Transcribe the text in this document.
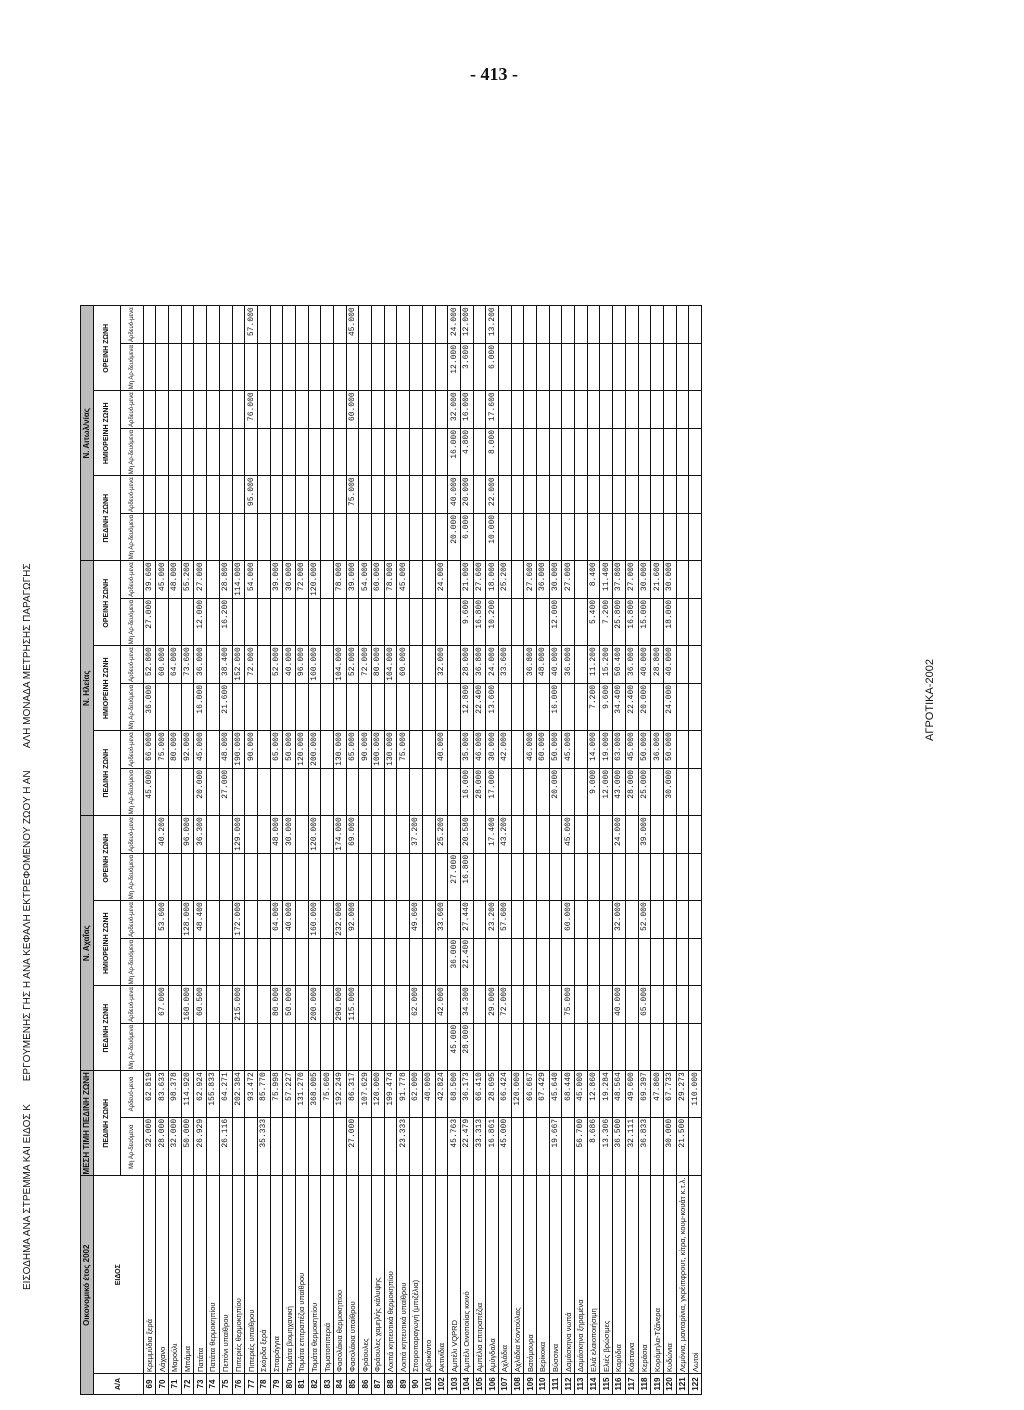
- 413 -
ΕΙΣΟΔΗΜΑ ΑΝΑ ΣΤΡΕΜΜΑ ΚΑΙ ΕΙΔΟΣ Κ ΕΡΓΟΥΜΕΝΗΣ ΓΗΣ Η ΑΝΑ ΚΕΦΑΛΗ ΕΚΤΡΕΦΟΜΕΝΟΥ ΖΩΟΥ Η ΑΝ ΑΛΗ ΜΟΝΑΔΑ ΜΕΤΡΗΣΗΣ ΠΑΡΑΓΩΓΗΣ	ΑΓΡΟΤΙΚΑ-2002
Οικονομικό έτος 2002		ΜΕΣΗ ΤΙΜΗ ΠΕΔΙΝΗ ΖΩΝΗ		Ν. Αχαΐας						Ν. Ηλείας						Ν. Αιτωλ/νίας					
Α/Α	ΕΙΔΟΣ	ΠΕΔΙΝΗ ΖΩΝΗ		ΠΕΔΙΝΗ ΖΩΝΗ		ΗΜΙΟΡΕΙΝΗ ΖΩΝΗ		ΟΡΕΙΝΗ ΖΩΝΗ		ΠΕΔΙΝΗ ΖΩΝΗ		ΗΜΙΟΡΕΙΝΗ ΖΩΝΗ		ΟΡΕΙΝΗ ΖΩΝΗ		ΠΕΔΙΝΗ ΖΩΝΗ		ΗΜΙΟΡΕΙΝΗ ΖΩΝΗ		ΟΡΕΙΝΗ ΖΩΝΗ	
		Μη Αρ-δευόμενα	Αρδευό-μενα	Μη Αρ-δευόμενα	Αρδευό-μενα	Μη Αρ-δευόμενα	Αρδευό-μενα	Μη Αρ-δευόμενα	Αρδευό-μενα	Μη Αρ-δευόμενα	Αρδευό-μενα	Μη Αρ-δευόμενα	Αρδευό-μενα	Μη Αρ-δευόμενα	Αρδευό-μενα	Μη Αρ-δευόμενα	Αρδευό-μενα	Μη Αρ-δευόμενα	Αρδευό-μενα	Μη Αρ-δευόμενα	Αρδευό-μενα
69	Κρεμμύδια ξερά	32.000	62.819							45.000	66.000	36.000	52.800	27.000	39.600						
70	Λάχανο	28.000	83.633		67.000		53.600		40.200		75.000		60.000		45.000						
71	Μαρούλι	32.000	98.378								80.000		64.000		48.000						
72	Μπάμια	50.000	114.920		160.000		128.000		96.000		92.000		73.600		55.200						
73	Πατάτα	26.929	62.924		60.500		48.400		36.300	20.000	45.000	16.000	36.000	12.000	27.000						
74	Πατάτα θερμοκηπίου		155.833																		
75	Πεπόνι υπαίθρου	26.116	64.271							27.000	48.000	21.600	38.400	16.200	28.800						
76	Πιπεριές θερμοκηπίου		202.384		215.000		172.000		129.000		190.000		152.000		114.000						
77	Πιπεριές υπαίθρου		93.472								90.000		72.000		54.000		95.000		76.000		57.000
78	Σκόρδα ξερά	35.333	85.770																		
79	Σπαράγγια		75.998		80.000		64.000		48.000		65.000		52.000		39.000						
80	Τομάτα βιομηχανική		57.227		50.000		40.000		30.000		50.000		40.000		30.000						
81	Τομάτα επιτραπέζια υπαίθρου		131.270								120.000		96.000		72.000						
82	Τομάτα θερμοκηπίου		368.005		200.000		160.000		120.000		200.000		160.000		120.000						
83	Τοματοπιπεριά		75.600																		
84	Φασολάκια θερμοκηπίου		192.249		290.000		232.000		174.000		130.000		104.000		78.000						
85	Φασολάκια υπαίθρου	27.000	86.317		115.000		92.000		69.000		65.000		52.000		39.000		75.000		60.000		45.000
86	Φράουλες		107.629								90.000		72.000		54.000						
87	Φράουλες χαμηλής κάλυψης		120.000								100.000		80.000		60.000						
88	Λοιπά κηπευτικά θερμοκηπίου		199.474								130.000		104.000		78.000						
89	Λοιπά κηπευτικά υπαίθρου	23.333	91.778								75.000		60.000		45.000						
90	Σπορoπαραγωγή (μπιζέλια)		62.000		62.000		49.600		37.200												
101	Αβοκάντο		40.000																		
102	Ακτινίδια		42.824		42.000		33.600		25.200		40.000		32.000		24.000						
103	Αμπέλι VQPRD	45.763	68.500	45.000		36.000		27.000								20.000	40.000	16.000	32.000	12.000	24.000
104	Αμπέλι Οινοποιίας κοινό	22.479	36.173	28.000	34.300	22.400	27.440	16.800	20.580	16.000	35.000	12.800	28.000	9.600	21.000	6.000	20.000	4.800	16.000	3.600	12.000
105	Αμπέλια επιτραπέζια	33.313	66.410							28.000	46.000	22.400	36.800	16.800	27.600						
106	Αμύγδαλα	16.861	28.695		29.000		23.200		17.400	17.000	30.000	13.600	24.000	10.200	18.000	10.000	22.000	8.000	17.600	6.000	13.200
107	Αχλάδια	45.000	66.424		72.000		57.600		43.200		42.000		33.600		25.200						
108	Αχλάδια Κοντούλας		120.000																		
109	Βατόμουρα		66.667								46.000		36.800		27.600						
110	Βερίκοκα		67.429								60.000		48.000		36.000						
111	Βύσσινα	19.667	45.640							20.000	50.000	16.000	40.000	12.000	30.000						
112	Δαμάσκηνα νωπά		68.440		75.000		60.000		45.000		45.000		36.000		27.000						
113	Δαμάσκηνα ξηραμένα	56.700	45.000																		
114	Ελιά ελαιοποιήσιμη	8.686	12.860							9.000	14.000	7.200	11.200	5.400	8.400						
115	Ελιές βρώσιμες	13.306	19.284							12.000	19.000	9.600	15.200	7.200	11.400						
116	Καρύδια	36.500	48.564		40.000		32.000		24.000	43.000	63.000	34.400	50.400	25.800	37.800						
117	Κάστανα	32.111	49.600							28.000	45.000	22.400	36.000	16.800	27.000						
118	Κεράσια	36.833	69.397		65.000		52.000		39.000	25.000	50.000	20.000	40.000	15.000	30.000						
119	Κορόμηλα-Τζάνερα		47.800								36.000		28.800		21.600						
120	Κυδώνια	30.000	67.733							30.000	50.000	24.000	40.000	18.000	30.000						
121	Λεμόνια, μανταρίνια, γκρέιπφρουτ, κίτρα, κουμ-κουάτ κ.τ.λ.	21.500	29.273																		
122	Λωτοί		110.000																		
